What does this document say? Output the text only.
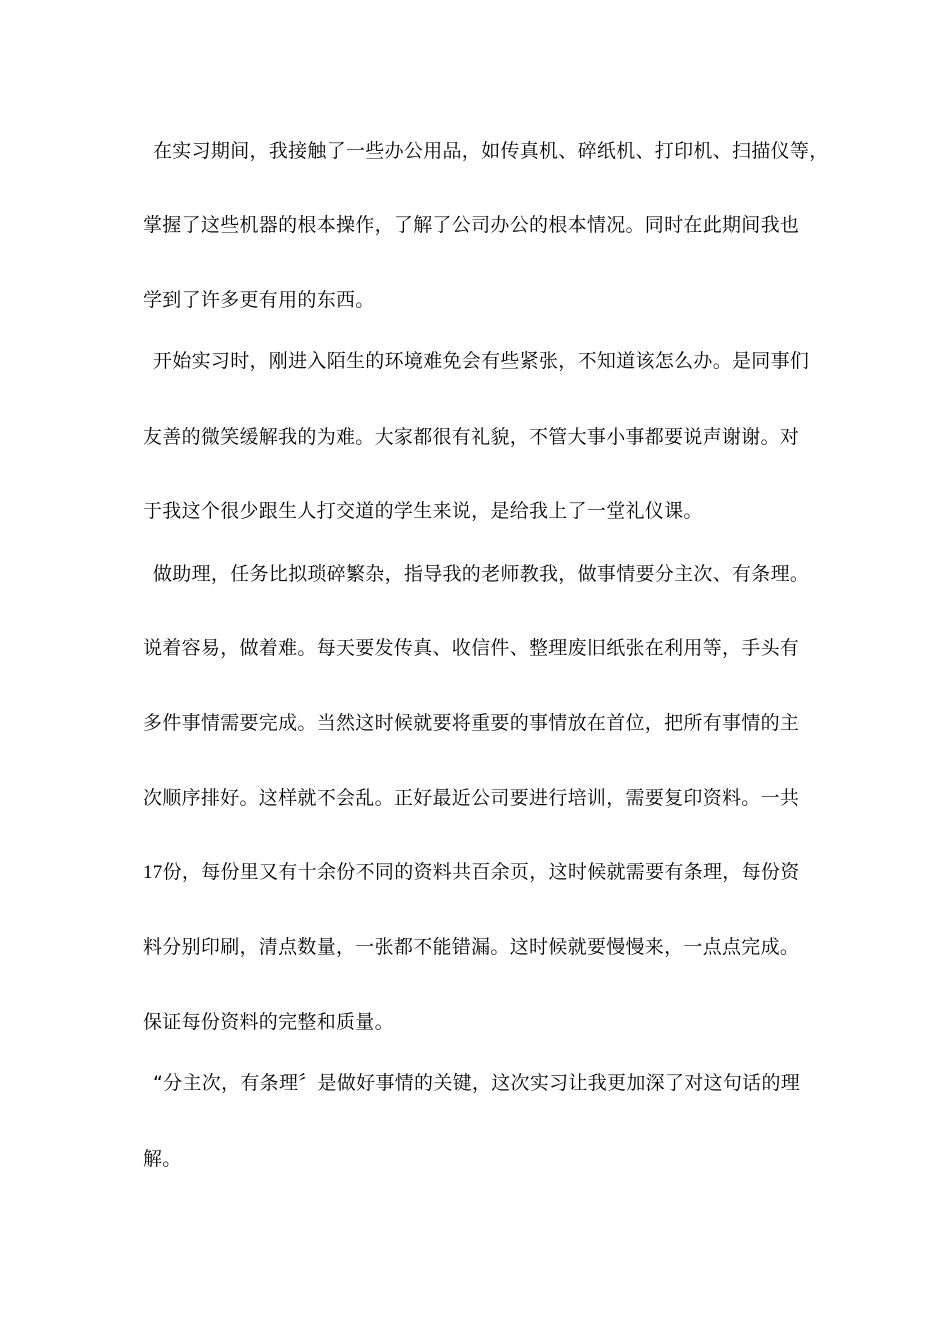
在实习期间，我接触了一些办公用品，如传真机、碎纸机、打印机、扫描仪等，
掌握了这些机器的根本操作，了解了公司办公的根本情况。同时在此期间我也
学到了许多更有用的东西。
开始实习时，刚进入陌生的环境难免会有些紧张，不知道该怎么办。是同事们
友善的微笑缓解我的为难。大家都很有礼貌，不管大事小事都要说声谢谢。对
于我这个很少跟生人打交道的学生来说，是给我上了一堂礼仪课。
做助理，任务比拟琐碎繁杂，指导我的老师教我，做事情要分主次、有条理。
说着容易，做着难。每天要发传真、收信件、整理废旧纸张在利用等，手头有
多件事情需要完成。当然这时候就要将重要的事情放在首位，把所有事情的主
次顺序排好。这样就不会乱。正好最近公司要进行培训，需要复印资料。一共
17份，每份里又有十余份不同的资料共百余页，这时候就需要有条理，每份资
料分别印刷，清点数量，一张都不能错漏。这时候就要慢慢来，一点点完成。
保证每份资料的完整和质量。
“分主次，有条理〞是做好事情的关键，这次实习让我更加深了对这句话的理
解。
